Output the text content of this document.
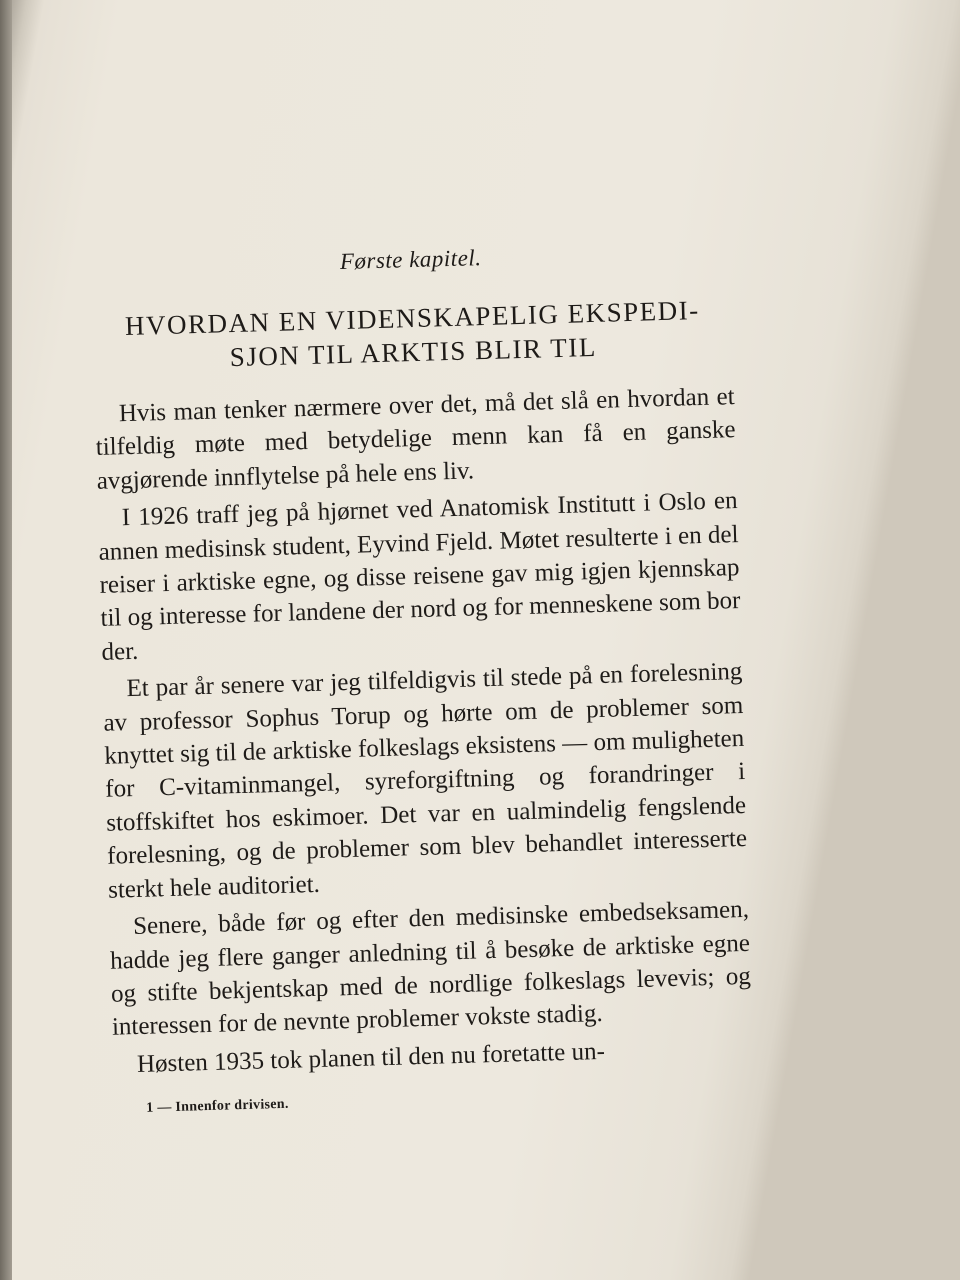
Første kapitel.
HVORDAN EN VIDENSKAPELIG EKSPEDI-
SJON TIL ARKTIS BLIR TIL

Hvis man tenker nærmere over det, må det slå en hvordan et tilfeldig møte med betydelige menn kan få en ganske avgjørende innflytelse på hele ens liv.

I 1926 traff jeg på hjørnet ved Anatomisk Institutt i Oslo en annen medisinsk student, Eyvind Fjeld. Møtet resulterte i en del reiser i arktiske egne, og disse reisene gav mig igjen kjennskap til og interesse for landene der nord og for menneskene som bor der.

Et par år senere var jeg tilfeldigvis til stede på en forelesning av professor Sophus Torup og hørte om de problemer som knyttet sig til de arktiske folkeslags eksistens — om muligheten for C-vitaminmangel, syreforgiftning og forandringer i stoffskiftet hos eskimoer. Det var en ualmindelig fengslende forelesning, og de problemer som blev behandlet interesserte sterkt hele auditoriet.

Senere, både før og efter den medisinske embedseksamen, hadde jeg flere ganger anledning til å besøke de arktiske egne og stifte bekjentskap med de nordlige folkeslags levevis; og interessen for de nevnte problemer vokste stadig.

Høsten 1935 tok planen til den nu foretatte un-

1 — Innenfor drivisen.
